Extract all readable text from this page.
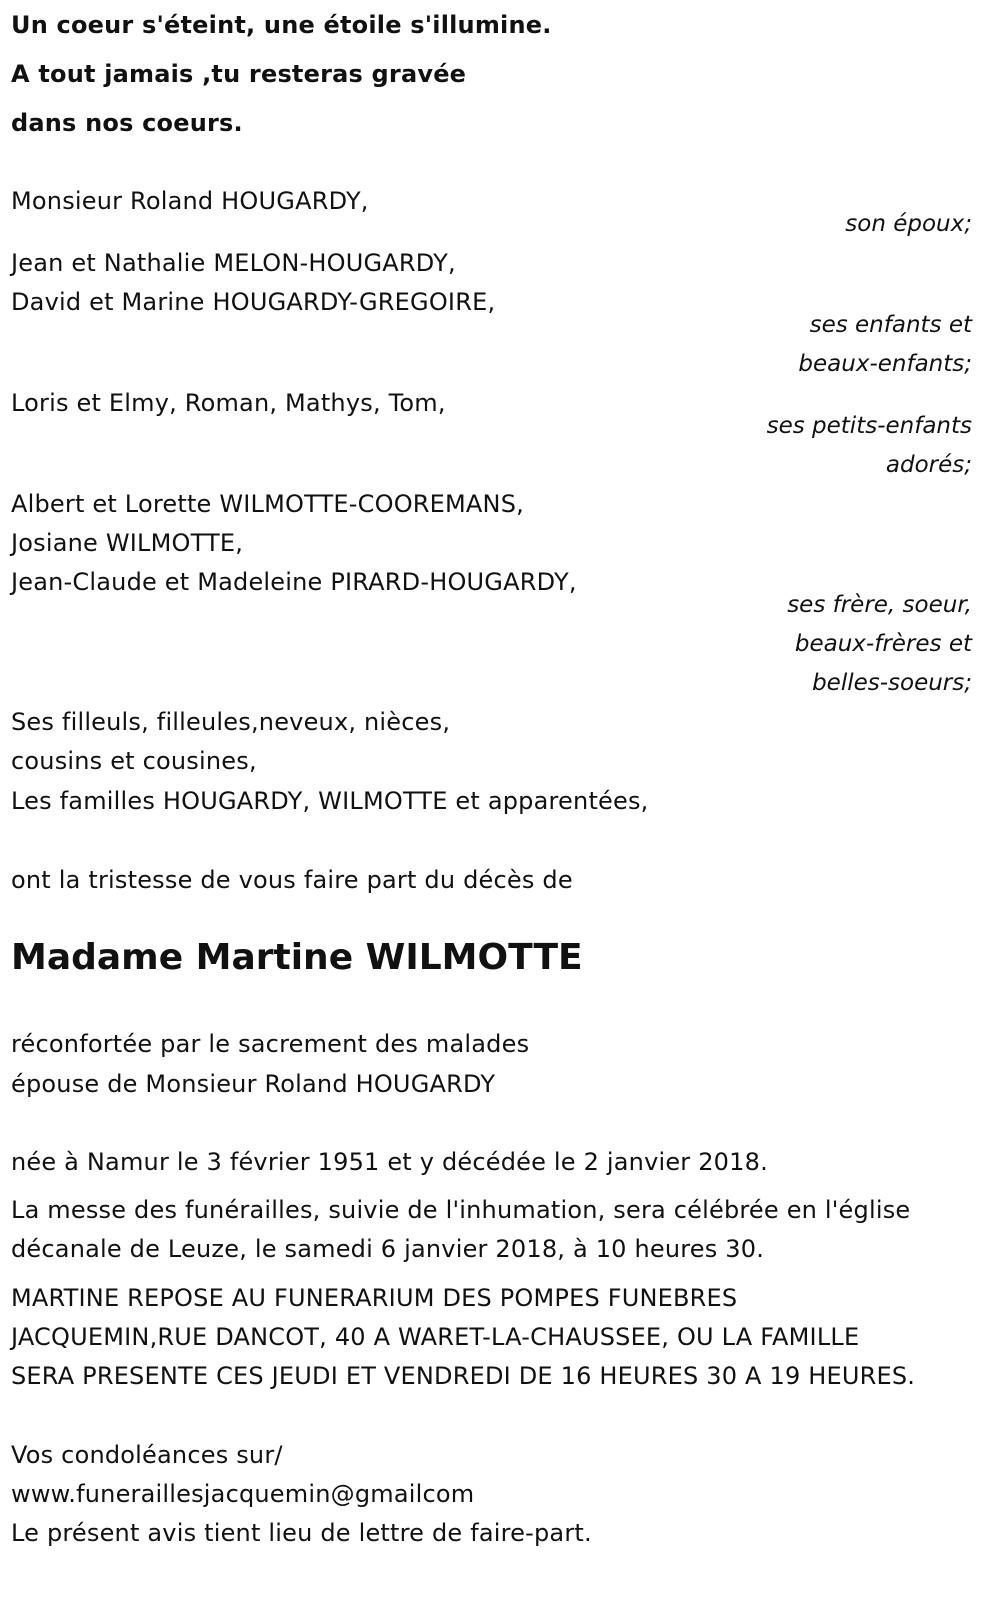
Un coeur s'éteint, une étoile s'illumine.
A tout jamais ,tu resteras gravée
dans nos coeurs.
Monsieur Roland HOUGARDY,
son époux;
Jean et Nathalie MELON-HOUGARDY,
David et Marine HOUGARDY-GREGOIRE,
ses enfants et
beaux-enfants;
Loris et Elmy, Roman, Mathys, Tom,
ses petits-enfants
adorés;
Albert et Lorette WILMOTTE-COOREMANS,
Josiane WILMOTTE,
Jean-Claude et Madeleine PIRARD-HOUGARDY,
ses frère, soeur,
beaux-frères et
belles-soeurs;
Ses filleuls, filleules,neveux, nièces,
cousins et cousines,
Les familles HOUGARDY, WILMOTTE et apparentées,
ont la tristesse de vous faire part du décès de
Madame Martine WILMOTTE
réconfortée par le sacrement des malades
épouse de Monsieur Roland HOUGARDY
née à Namur le 3 février 1951 et y décédée le 2 janvier 2018.
La messe des funérailles, suivie de l'inhumation, sera célébrée en l'église
décanale de Leuze, le samedi 6 janvier 2018, à 10 heures 30.
MARTINE REPOSE AU FUNERARIUM DES POMPES FUNEBRES
JACQUEMIN,RUE DANCOT, 40 A WARET-LA-CHAUSSEE, OU LA FAMILLE
SERA PRESENTE CES JEUDI ET VENDREDI DE 16 HEURES 30 A 19 HEURES.
Vos condoléances sur/
www.funeraillesjacquemin@gmailcom
Le présent avis tient lieu de lettre de faire-part.
